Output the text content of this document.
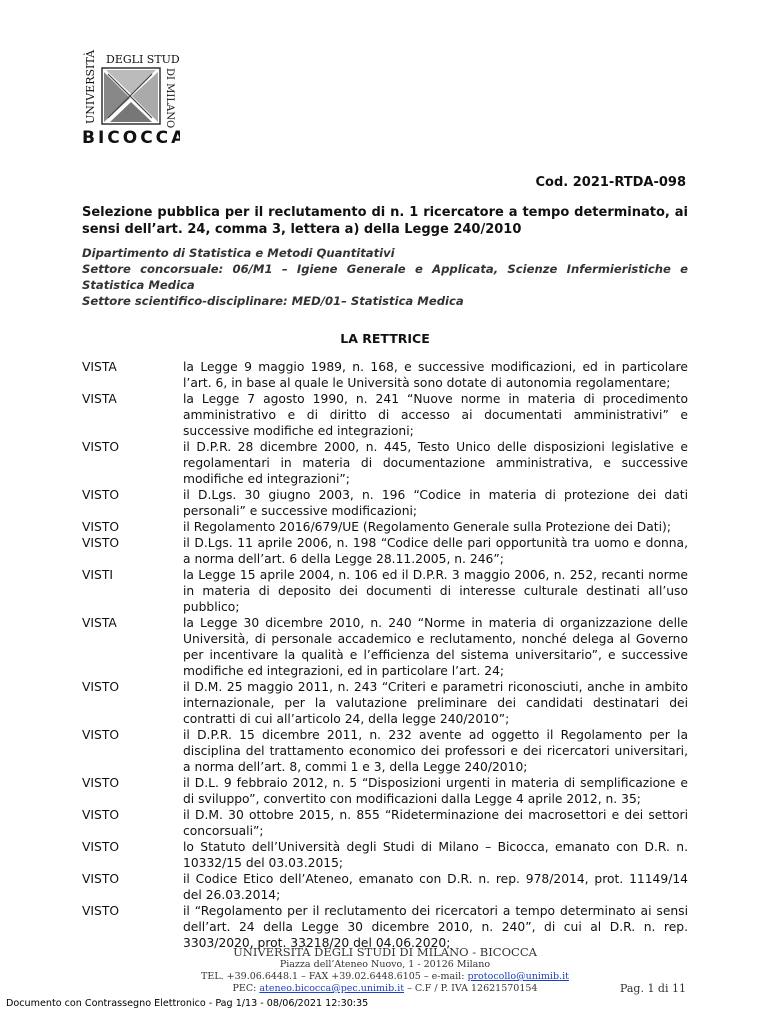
UNIVERSITÀ DEGLI STUDI
DI MILANO
BICOCCA
Cod. 2021-RTDA-098
Selezione pubblica per il reclutamento di n. 1 ricercatore a tempo determinato, ai sensi dell’art. 24, comma 3, lettera a) della Legge 240/2010
Dipartimento di Statistica e Metodi Quantitativi
Settore concorsuale: 06/M1 – Igiene Generale e Applicata, Scienze Infermieristiche e Statistica Medica
Settore scientifico-disciplinare: MED/01– Statistica Medica
LA RETTRICE
VISTA	la Legge 9 maggio 1989, n. 168, e successive modificazioni, ed in particolare l’art. 6, in base al quale le Università sono dotate di autonomia regolamentare;
VISTA	la Legge 7 agosto 1990, n. 241 “Nuove norme in materia di procedimento amministrativo e di diritto di accesso ai documentati amministrativi” e successive modifiche ed integrazioni;
VISTO	il D.P.R. 28 dicembre 2000, n. 445, Testo Unico delle disposizioni legislative e regolamentari in materia di documentazione amministrativa, e successive modifiche ed integrazioni”;
VISTO	il D.Lgs. 30 giugno 2003, n. 196 “Codice in materia di protezione dei dati personali” e successive modificazioni;
VISTO	il Regolamento 2016/679/UE (Regolamento Generale sulla Protezione dei Dati);
VISTO	il D.Lgs. 11 aprile 2006, n. 198 “Codice delle pari opportunità tra uomo e donna, a norma dell’art. 6 della Legge 28.11.2005, n. 246”;
VISTI	la Legge 15 aprile 2004, n. 106 ed il D.P.R. 3 maggio 2006, n. 252, recanti norme in materia di deposito dei documenti di interesse culturale destinati all’uso pubblico;
VISTA	la Legge 30 dicembre 2010, n. 240 “Norme in materia di organizzazione delle Università, di personale accademico e reclutamento, nonché delega al Governo per incentivare la qualità e l’efficienza del sistema universitario”, e successive modifiche ed integrazioni, ed in particolare l’art. 24;
VISTO	il D.M. 25 maggio 2011, n. 243 “Criteri e parametri riconosciuti, anche in ambito internazionale, per la valutazione preliminare dei candidati destinatari dei contratti di cui all’articolo 24, della legge 240/2010”;
VISTO	il D.P.R. 15 dicembre 2011, n. 232 avente ad oggetto il Regolamento per la disciplina del trattamento economico dei professori e dei ricercatori universitari, a norma dell’art. 8, commi 1 e 3, della Legge 240/2010;
VISTO	il D.L. 9 febbraio 2012, n. 5 “Disposizioni urgenti in materia di semplificazione e di sviluppo”, convertito con modificazioni dalla Legge 4 aprile 2012, n. 35;
VISTO	il D.M. 30 ottobre 2015, n. 855 “Rideterminazione dei macrosettori e dei settori concorsuali”;
VISTO	lo Statuto dell’Università degli Studi di Milano – Bicocca, emanato con D.R. n. 10332/15 del 03.03.2015;
VISTO	il Codice Etico dell’Ateneo, emanato con D.R. n. rep. 978/2014, prot. 11149/14 del 26.03.2014;
VISTO	il “Regolamento per il reclutamento dei ricercatori a tempo determinato ai sensi dell’art. 24 della Legge 30 dicembre 2010, n. 240”, di cui al D.R. n. rep. 3303/2020, prot. 33218/20 del 04.06.2020;
UNIVERSITÀ DEGLI STUDI DI MILANO - BICOCCA
Piazza dell’Ateneo Nuovo, 1 - 20126 Milano
TEL. +39.06.6448.1 – FAX +39.02.6448.6105 – e-mail: protocollo@unimib.it
PEC: ateneo.bicocca@pec.unimib.it – C.F / P. IVA 12621570154	Pag. 1 di 11
Documento con Contrassegno Elettronico - Pag 1/13 - 08/06/2021 12:30:35
